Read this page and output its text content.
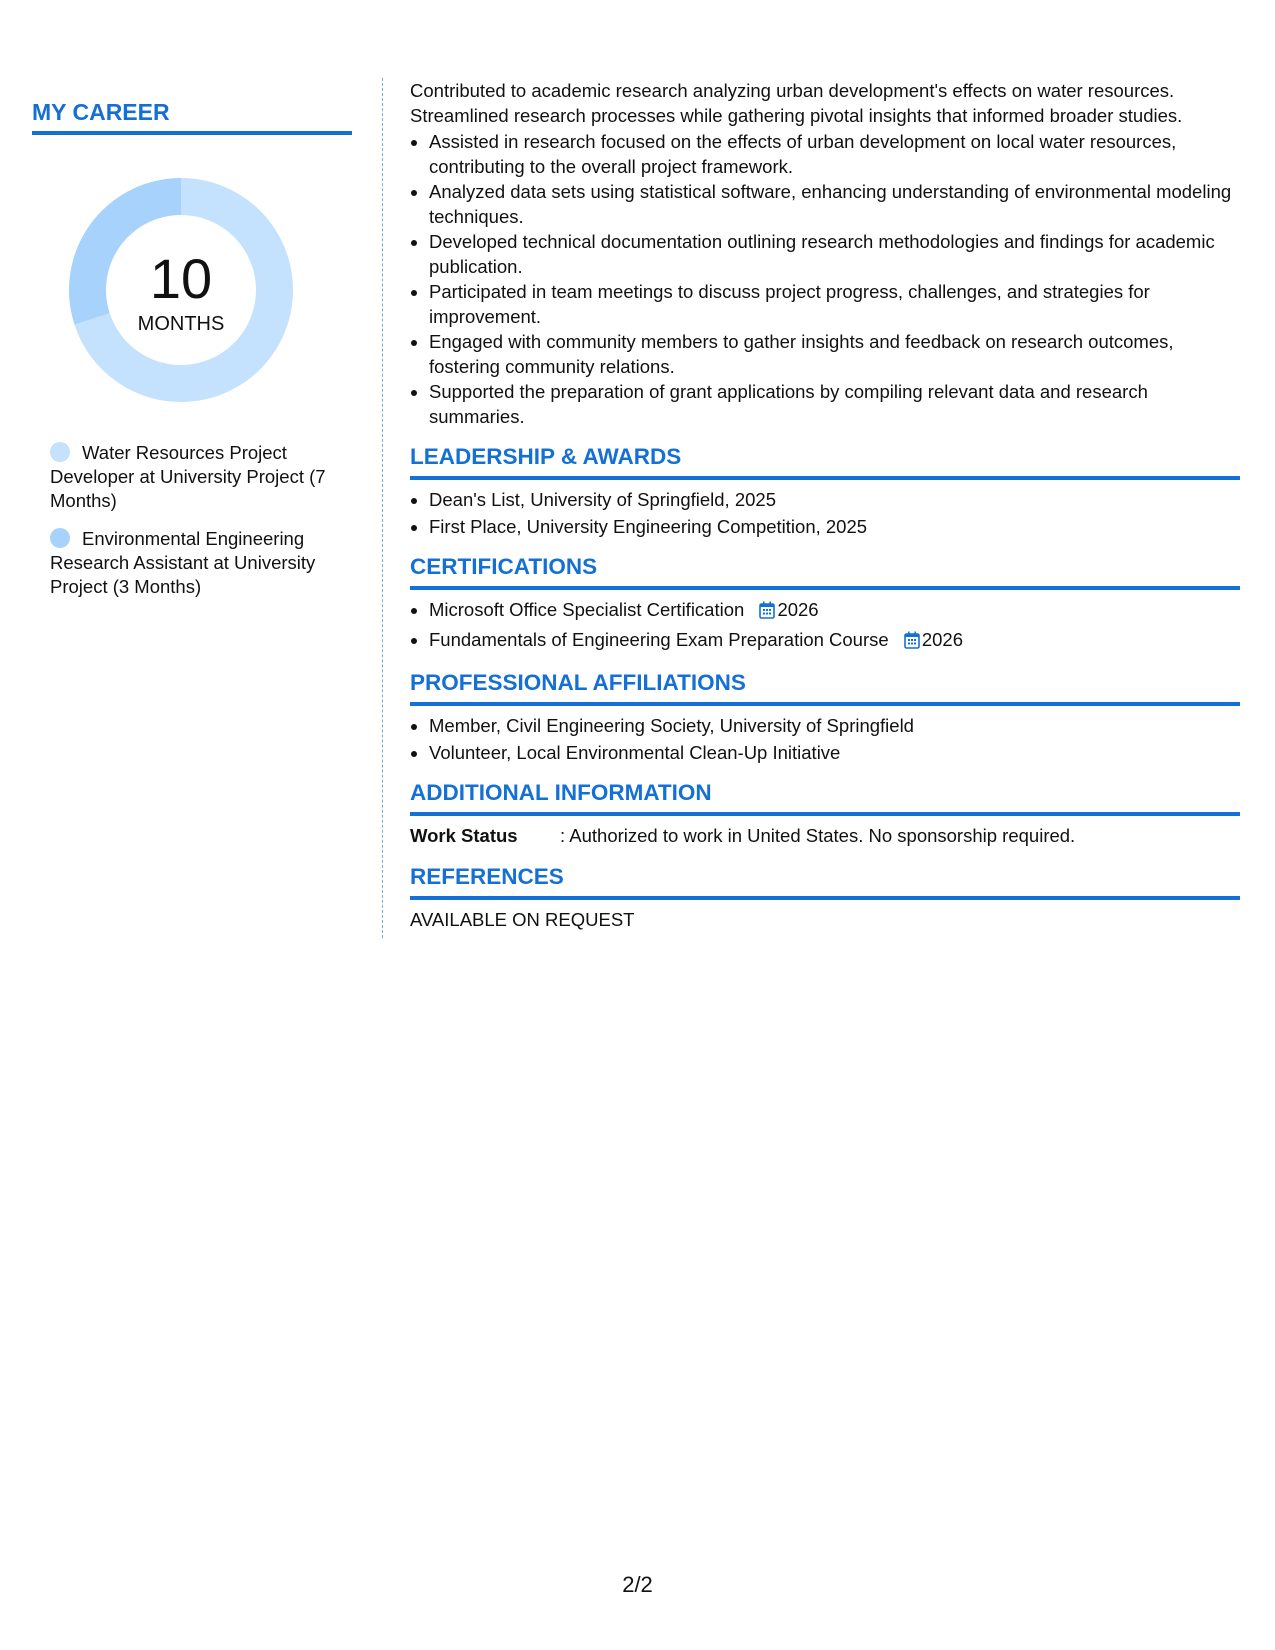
MY CAREER
10
MONTHS
Water Resources Project Developer at University Project (7 Months)
Environmental Engineering Research Assistant at University Project (3 Months)

Contributed to academic research analyzing urban development's effects on water resources. Streamlined research processes while gathering pivotal insights that informed broader studies.

• Assisted in research focused on the effects of urban development on local water resources, contributing to the overall project framework.
• Analyzed data sets using statistical software, enhancing understanding of environmental modeling techniques.
• Developed technical documentation outlining research methodologies and findings for academic publication.
• Participated in team meetings to discuss project progress, challenges, and strategies for improvement.
• Engaged with community members to gather insights and feedback on research outcomes, fostering community relations.
• Supported the preparation of grant applications by compiling relevant data and research summaries.
LEADERSHIP & AWARDS
• Dean's List, University of Springfield, 2025
• First Place, University Engineering Competition, 2025
CERTIFICATIONS
• Microsoft Office Specialist Certification 2026
• Fundamentals of Engineering Exam Preparation Course 2026
PROFESSIONAL AFFILIATIONS
• Member, Civil Engineering Society, University of Springfield
• Volunteer, Local Environmental Clean-Up Initiative
ADDITIONAL INFORMATION
Work Status : Authorized to work in United States. No sponsorship required.
REFERENCES
AVAILABLE ON REQUEST
2/2
